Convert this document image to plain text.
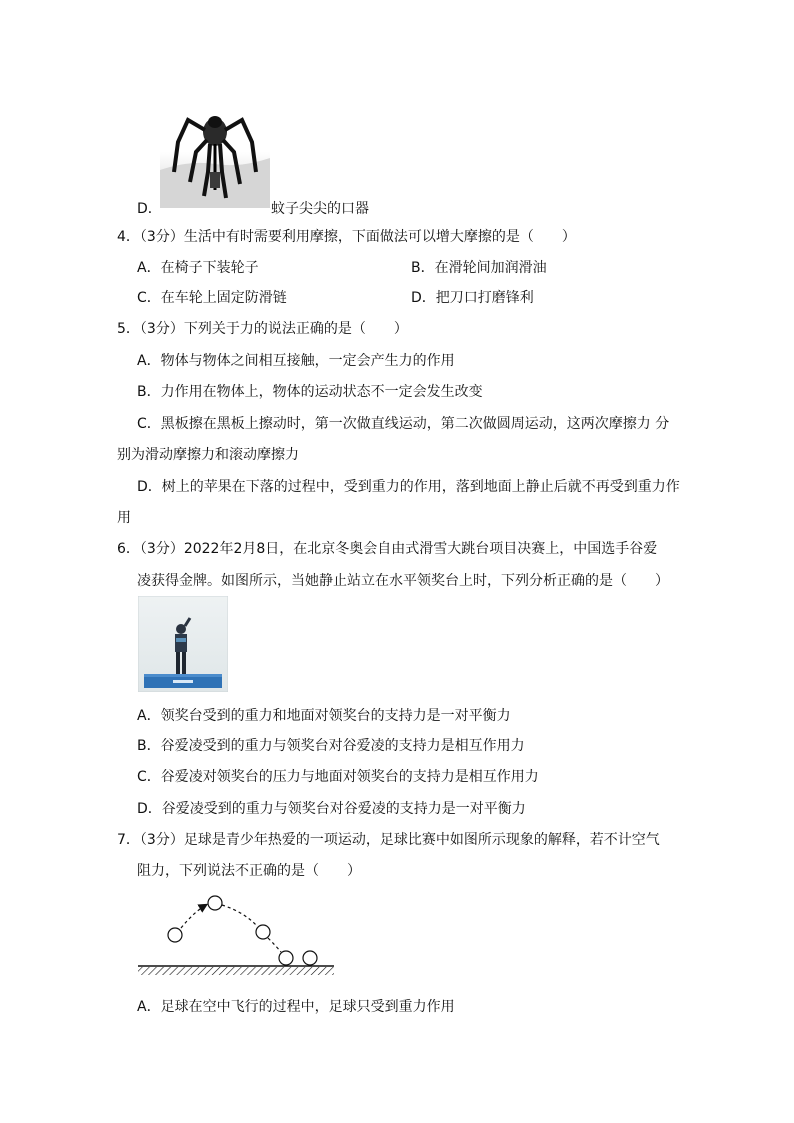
D．	蚊子尖尖的口器
4．（3分）生活中有时需要利用摩擦，下面做法可以增大摩擦的是（　　）
A．在椅子下装轮子	B．在滑轮间加润滑油
C．在车轮上固定防滑链	D．把刀口打磨锋利
5．（3分）下列关于力的说法正确的是（　　）
A．物体与物体之间相互接触，一定会产生力的作用
B．力作用在物体上，物体的运动状态不一定会发生改变
C．黑板擦在黑板上擦动时，第一次做直线运动，第二次做圆周运动，这两次摩擦力 分
别为滑动摩擦力和滚动摩擦力
D．树上的苹果在下落的过程中，受到重力的作用，落到地面上静止后就不再受到重力作
用
6．（3分）2022年2月8日，在北京冬奥会自由式滑雪大跳台项目决赛上，中国选手谷爱
凌获得金牌。如图所示，当她静止站立在水平领奖台上时，下列分析正确的是（　　）
A．领奖台受到的重力和地面对领奖台的支持力是一对平衡力
B．谷爱凌受到的重力与领奖台对谷爱凌的支持力是相互作用力
C．谷爱凌对领奖台的压力与地面对领奖台的支持力是相互作用力
D．谷爱凌受到的重力与领奖台对谷爱凌的支持力是一对平衡力
7．（3分）足球是青少年热爱的一项运动，足球比赛中如图所示现象的解释，若不计空气
阻力，下列说法不正确的是（　　）
A．足球在空中飞行的过程中，足球只受到重力作用
